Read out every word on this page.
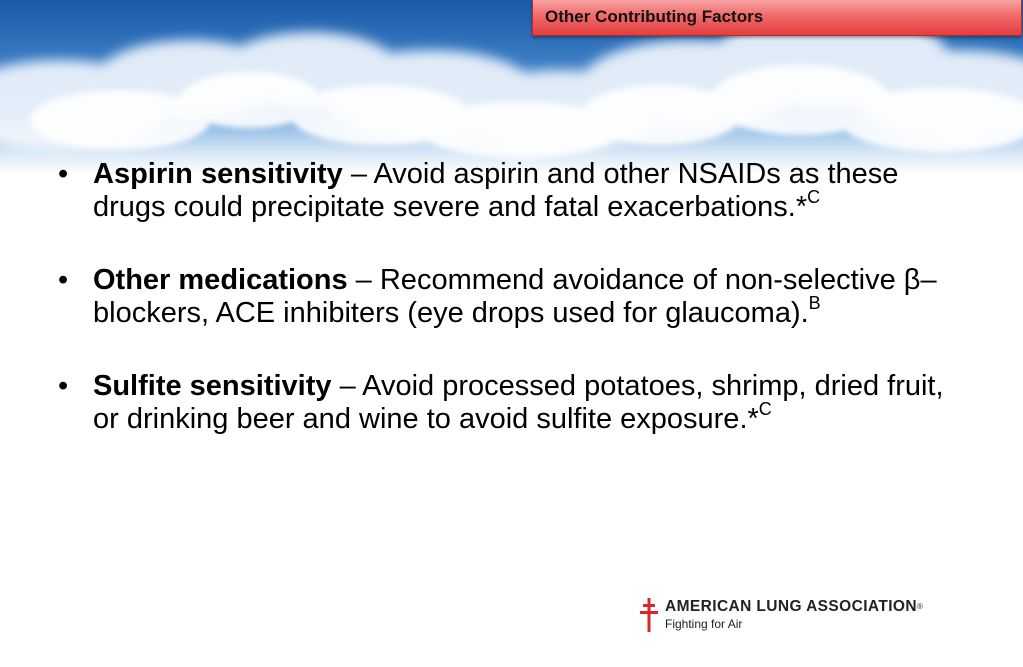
Other Contributing Factors
• Aspirin sensitivity – Avoid aspirin and other NSAIDs as these drugs could precipitate severe and fatal exacerbations.*$^C$
• Other medications – Recommend avoidance of non-selective β–blockers, ACE inhibiters (eye drops used for glaucoma).$^B$
• Sulfite sensitivity – Avoid processed potatoes, shrimp, dried fruit, or drinking beer and wine to avoid sulfite exposure.*$^C$
AMERICAN LUNG ASSOCIATION®
Fighting for Air
